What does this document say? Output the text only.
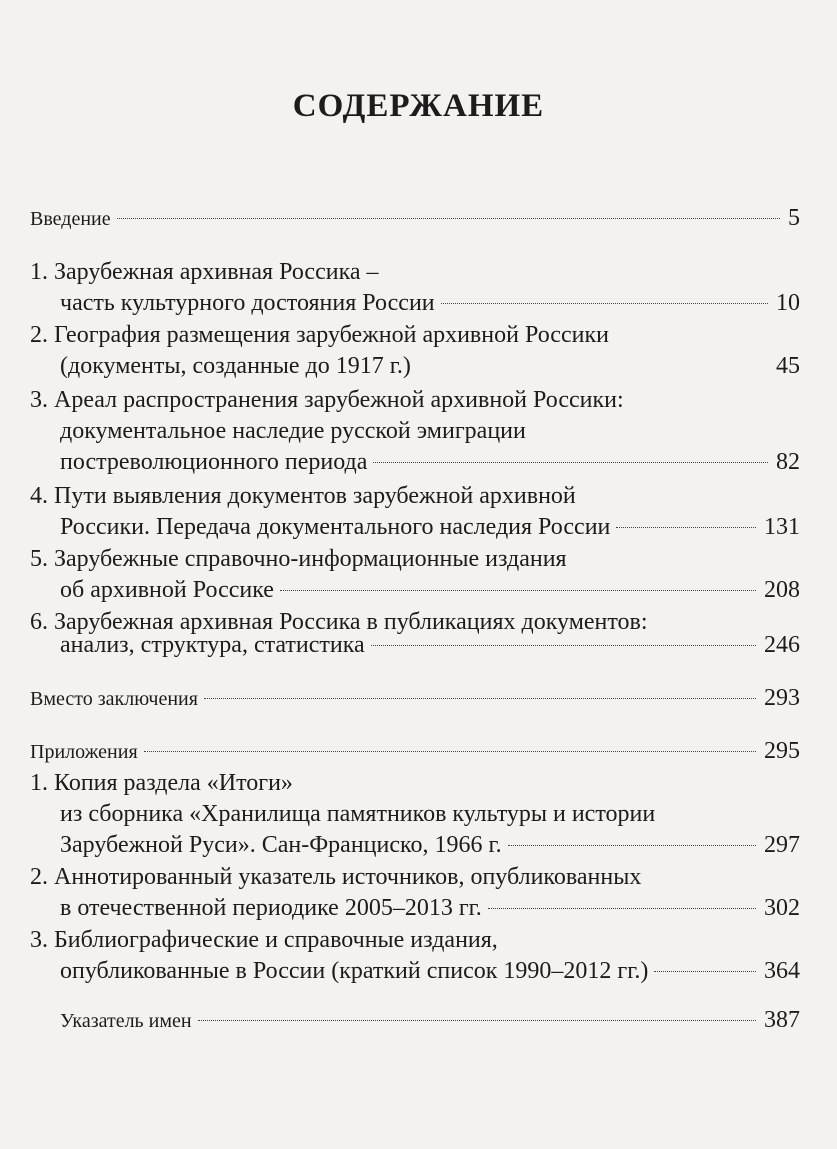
СОДЕРЖАНИЕ
Введение	5
1. Зарубежная архивная Россика –
часть культурного достояния России	10
2. География размещения зарубежной архивной Россики
(документы, созданные до 1917 г.)	45
3. Ареал распространения зарубежной архивной Россики:
документальное наследие русской эмиграции
постреволюционного периода	82
4. Пути выявления документов зарубежной архивной
Россики. Передача документального наследия России	131
5. Зарубежные справочно-информационные издания
об архивной Россике	208
6. Зарубежная архивная Россика в публикациях документов:
анализ, структура, статистика	246
Вместо заключения	293
Приложения	295
1. Копия раздела «Итоги»
из сборника «Хранилища памятников культуры и истории
Зарубежной Руси». Сан-Франциско, 1966 г.	297
2. Аннотированный указатель источников, опубликованных
в отечественной периодике 2005–2013 гг.	302
3. Библиографические и справочные издания,
опубликованные в России (краткий список 1990–2012 гг.)	364
Указатель имен	387
